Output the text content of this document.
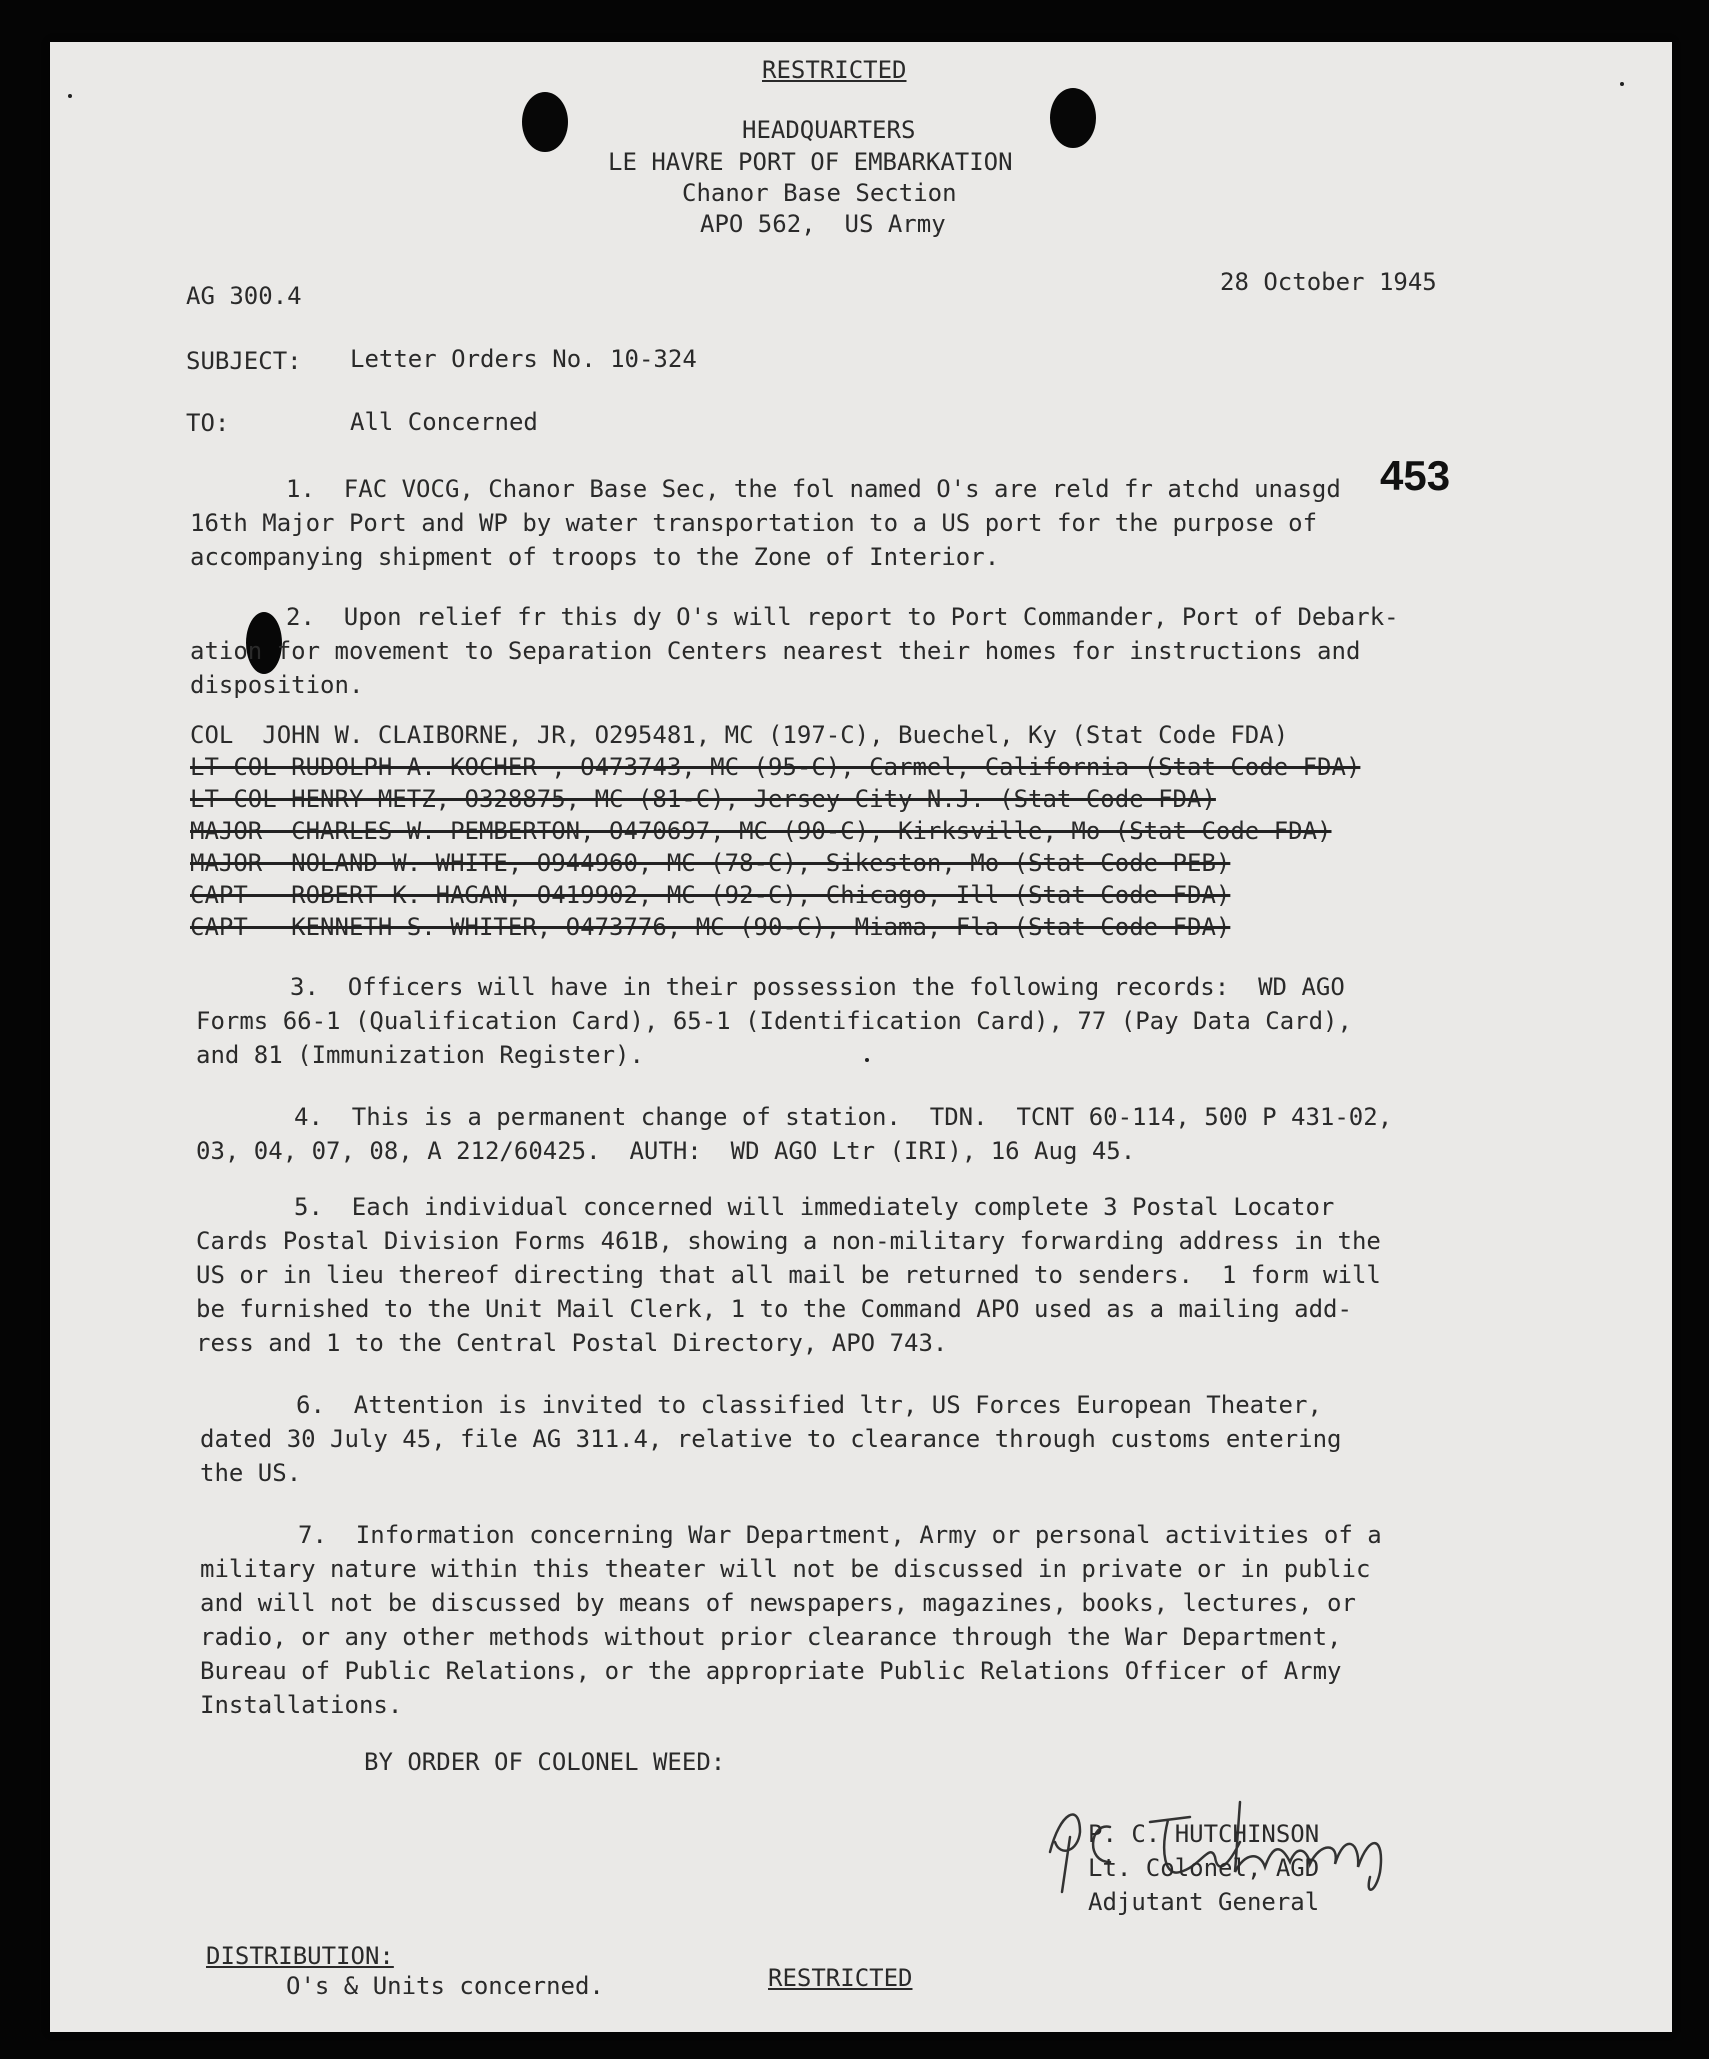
RESTRICTED
HEADQUARTERS
LE HAVRE PORT OF EMBARKATION
Chanor Base Section
APO 562,  US Army
AG 300.4	28 October 1945
SUBJECT: Letter Orders No. 10-324
TO:	All Concerned
453
1.  FAC VOCG, Chanor Base Sec, the fol named O's are reld fr atchd unasgd
16th Major Port and WP by water transportation to a US port for the purpose of
accompanying shipment of troops to the Zone of Interior.
2.  Upon relief fr this dy O's will report to Port Commander, Port of Debark-
ation for movement to Separation Centers nearest their homes for instructions and
disposition.
COL  JOHN W. CLAIBORNE, JR, O295481, MC (197-C), Buechel, Ky (Stat Code FDA)
LT COL RUDOLPH A. KOCHER , O473743, MC (95-C), Carmel, California (Stat Code FDA)
LT COL HENRY METZ, O328875, MC (81-C), Jersey City N.J. (Stat Code FDA)
MAJOR  CHARLES W. PEMBERTON, O470697, MC (90-C), Kirksville, Mo (Stat Code FDA)
MAJOR  NOLAND W. WHITE, O944960, MC (78-C), Sikeston, Mo (Stat Code PEB)
CAPT   ROBERT K. HAGAN, O419902, MC (92-C), Chicago, Ill (Stat Code FDA)
CAPT   KENNETH S. WHITER, O473776, MC (90-C), Miama, Fla (Stat Code FDA)
3.  Officers will have in their possession the following records:  WD AGO
Forms 66-1 (Qualification Card), 65-1 (Identification Card), 77 (Pay Data Card),
and 81 (Immunization Register).
4.  This is a permanent change of station.  TDN.  TCNT 60-114, 500 P 431-02,
03, 04, 07, 08, A 212/60425.  AUTH:  WD AGO Ltr (IRI), 16 Aug 45.
5.  Each individual concerned will immediately complete 3 Postal Locator
Cards Postal Division Forms 461B, showing a non-military forwarding address in the
US or in lieu thereof directing that all mail be returned to senders.  1 form will
be furnished to the Unit Mail Clerk, 1 to the Command APO used as a mailing add-
ress and 1 to the Central Postal Directory, APO 743.
6.  Attention is invited to classified ltr, US Forces European Theater,
dated 30 July 45, file AG 311.4, relative to clearance through customs entering
the US.
7.  Information concerning War Department, Army or personal activities of a
military nature within this theater will not be discussed in private or in public
and will not be discussed by means of newspapers, magazines, books, lectures, or
radio, or any other methods without prior clearance through the War Department,
Bureau of Public Relations, or the appropriate Public Relations Officer of Army
Installations.
BY ORDER OF COLONEL WEED:
P. C. HUTCHINSON
Lt. Colonel, AGD
Adjutant General
DISTRIBUTION:
O's & Units concerned.	RESTRICTED
